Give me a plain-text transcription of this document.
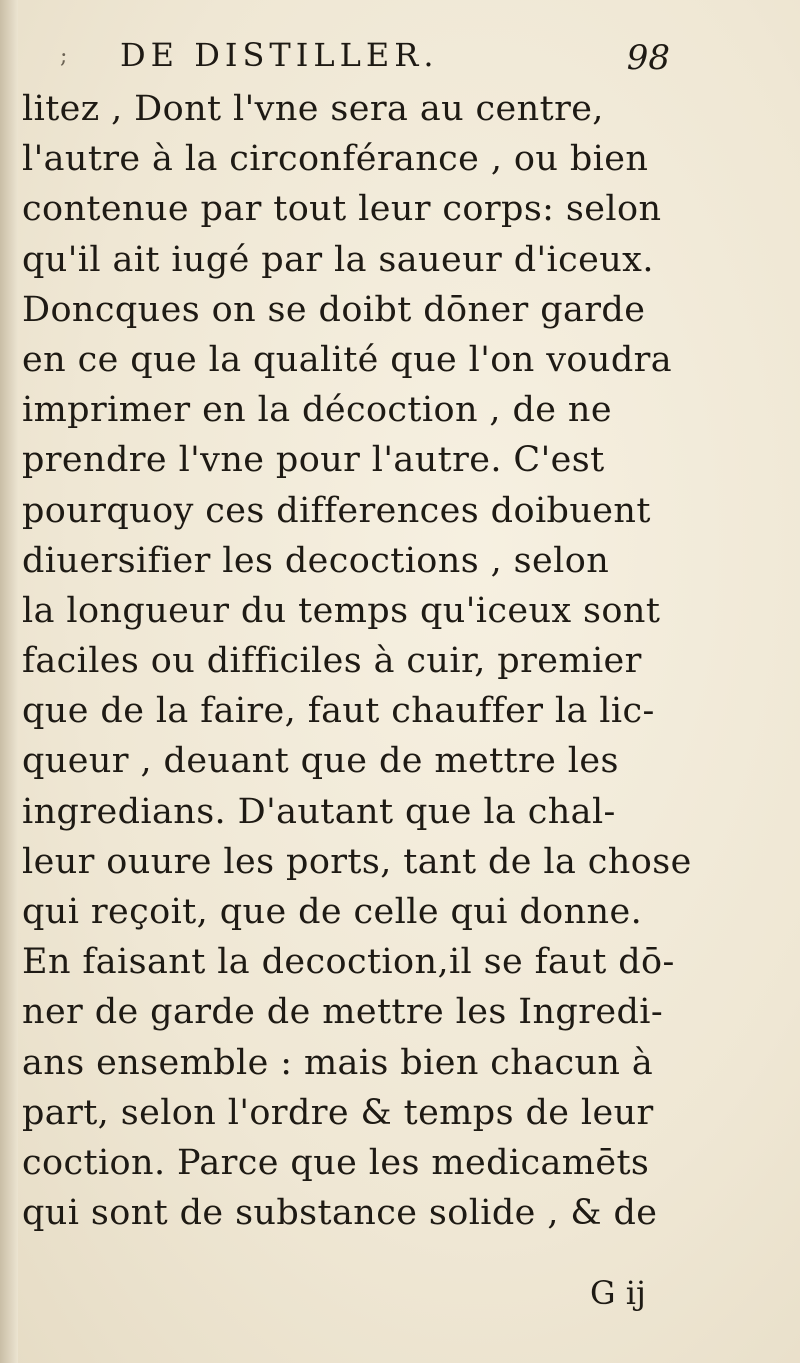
; DE DISTILLER.	98
litez , Dont l'vne sera au centre,
l'autre à la circonférance , ou bien
contenue par tout leur corps: selon
qu'il ait iugé par la saueur d'iceux.
Doncques on se doibt dōner garde
en ce que la qualité que l'on voudra
imprimer en la décoction , de ne
prendre l'vne pour l'autre. C'est
pourquoy ces differences doibuent
diuersifier les decoctions , selon
la longueur du temps qu'iceux sont
faciles ou difficiles à cuir, premier
que de la faire, faut chauffer la lic-
queur , deuant que de mettre les
ingredians. D'autant que la chal-
leur ouure les ports, tant de la chose
qui reçoit, que de celle qui donne.
En faisant la decoction,il se faut dō-
ner de garde de mettre les Ingredi-
ans ensemble : mais bien chacun à
part, selon l'ordre & temps de leur
coction. Parce que les medicamēts
qui sont de substance solide , & de
G ij
